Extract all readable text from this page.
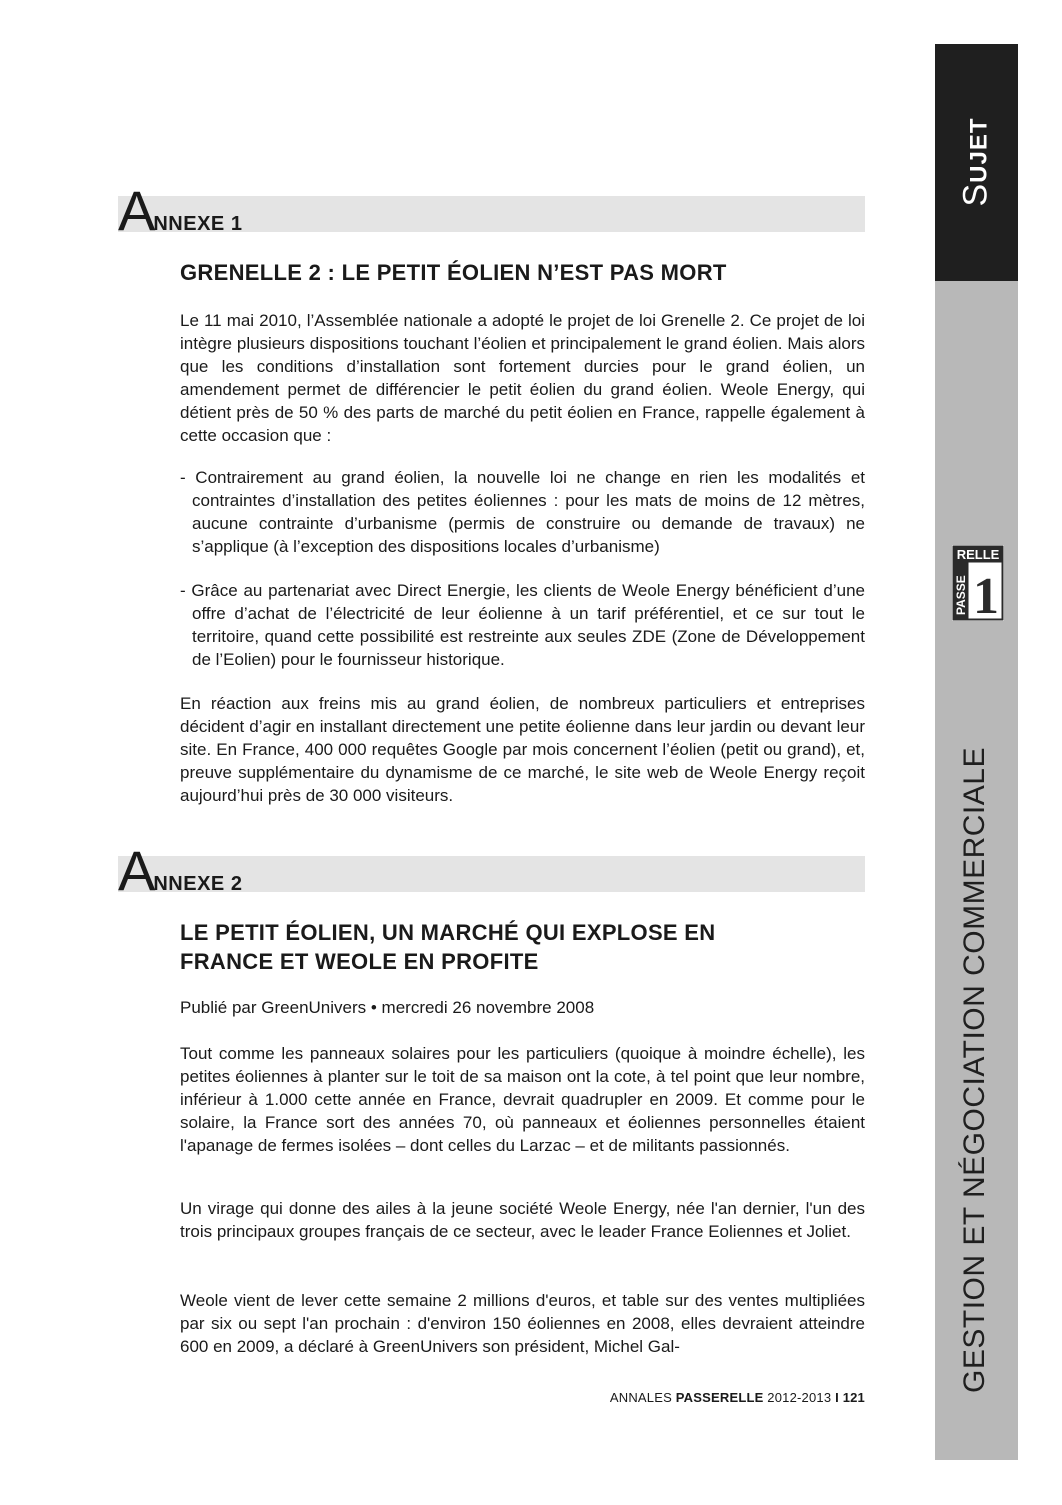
ANNEXE 1
GRENELLE 2 : LE PETIT ÉOLIEN N’EST PAS MORT

Le 11 mai 2010, l’Assemblée nationale a adopté le projet de loi Grenelle 2. Ce projet de loi intègre plusieurs dispositions touchant l’éolien et principalement le grand éolien. Mais alors que les conditions d’installation sont fortement durcies pour le grand éolien, un amendement permet de différencier le petit éolien du grand éolien. Weole Energy, qui détient près de 50 % des parts de marché du petit éolien en France, rappelle également à cette occasion que :

- Contrairement au grand éolien, la nouvelle loi ne change en rien les modalités et contraintes d’installation des petites éoliennes : pour les mats de moins de 12 mètres, aucune contrainte d’urbanisme (permis de construire ou demande de travaux) ne s’applique (à l’exception des dispositions locales d’urbanisme)

- Grâce au partenariat avec Direct Energie, les clients de Weole Energy bénéficient d’une offre d’achat de l’électricité de leur éolienne à un tarif préférentiel, et ce sur tout le territoire, quand cette possibilité est restreinte aux seules ZDE (Zone de Développement de l’Eolien) pour le fournisseur historique.

En réaction aux freins mis au grand éolien, de nombreux particuliers et entreprises décident d’agir en installant directement une petite éolienne dans leur jardin ou devant leur site. En France, 400 000 requêtes Google par mois concernent l’éolien (petit ou grand), et, preuve supplémentaire du dynamisme de ce marché, le site web de Weole Energy reçoit aujourd’hui près de 30 000 visiteurs.

ANNEXE 2
LE PETIT ÉOLIEN, UN MARCHÉ QUI EXPLOSE EN
FRANCE ET WEOLE EN PROFITE

Publié par GreenUnivers • mercredi 26 novembre 2008

Tout comme les panneaux solaires pour les particuliers (quoique à moindre échelle), les petites éoliennes à planter sur le toit de sa maison ont la cote, à tel point que leur nombre, inférieur à 1.000 cette année en France, devrait quadrupler en 2009. Et comme pour le solaire, la France sort des années 70, où panneaux et éoliennes personnelles étaient l'apanage de fermes isolées – dont celles du Larzac – et de militants passionnés.

Un virage qui donne des ailes à la jeune société Weole Energy, née l'an dernier, l'un des trois principaux groupes français de ce secteur, avec le leader France Eoliennes et Joliet.

Weole vient de lever cette semaine 2 millions d'euros, et table sur des ventes multipliées par six ou sept l'an prochain : d'environ 150 éoliennes en 2008, elles devraient atteindre 600 en 2009, a déclaré à GreenUnivers son président, Michel Gal-

ANNALES PASSERELLE 2012-2013 I 121
SUJET
RELLE
PASSE 1
GESTION ET NÉGOCIATION COMMERCIALE
